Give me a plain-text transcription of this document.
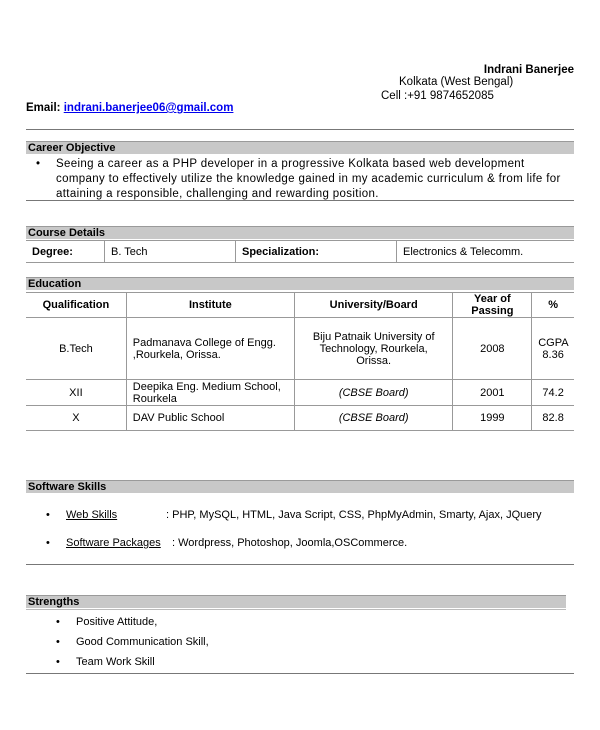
Indrani Banerjee
Kolkata (West Bengal)
Cell :+91 9874652085
Email: indrani.banerjee06@gmail.com
Career Objective
• Seeing a career as a PHP developer in a progressive Kolkata based web development company to effectively utilize the knowledge gained in my academic curriculum & from life for attaining a responsible, challenging and rewarding position.
Course Details
Degree:	B. Tech	Specialization:	Electronics & Telecomm.
Education
Qualification	Institute	University/Board	Year of Passing	%
B.Tech	Padmanava College of Engg. ,Rourkela, Orissa.	Biju Patnaik University of Technology, Rourkela, Orissa.	2008	CGPA 8.36
XII	Deepika Eng. Medium School, Rourkela	(CBSE Board)	2001	74.2
X	DAV Public School	(CBSE Board)	1999	82.8
Software Skills
• Web Skills	: PHP, MySQL, HTML, Java Script, CSS, PhpMyAdmin, Smarty, Ajax, JQuery
• Software Packages : Wordpress, Photoshop, Joomla,OSCommerce.
Strengths
• Positive Attitude,
• Good Communication Skill,
• Team Work Skill
